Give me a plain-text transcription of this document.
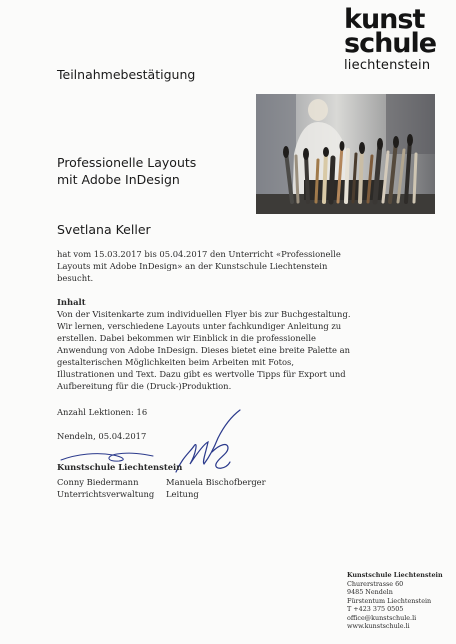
kunst
schule
liechtenstein
Teilnahmebestätigung
Professionelle Layouts
mit Adobe InDesign
Svetlana Keller
hat vom 15.03.2017 bis 05.04.2017 den Unterricht «Professionelle
Layouts mit Adobe InDesign» an der Kunstschule Liechtenstein
besucht.
Inhalt
Von der Visitenkarte zum individuellen Flyer bis zur Buchgestaltung.
Wir lernen, verschiedene Layouts unter fachkundiger Anleitung zu
erstellen. Dabei bekommen wir Einblick in die professionelle
Anwendung von Adobe InDesign. Dieses bietet eine breite Palette an
gestalterischen Möglichkeiten beim Arbeiten mit Fotos,
Illustrationen und Text. Dazu gibt es wertvolle Tipps für Export und
Aufbereitung für die (Druck-)Produktion.
Anzahl Lektionen: 16
Nendeln, 05.04.2017
Kunstschule Liechtenstein
Conny Biedermann
Unterrichtsverwaltung
Manuela Bischofberger
Leitung
Kunstschule Liechtenstein
Churerstrasse 60
9485 Nendeln
Fürstentum Liechtenstein
T +423 375 0505
office@kunstschule.li
www.kunstschule.li
